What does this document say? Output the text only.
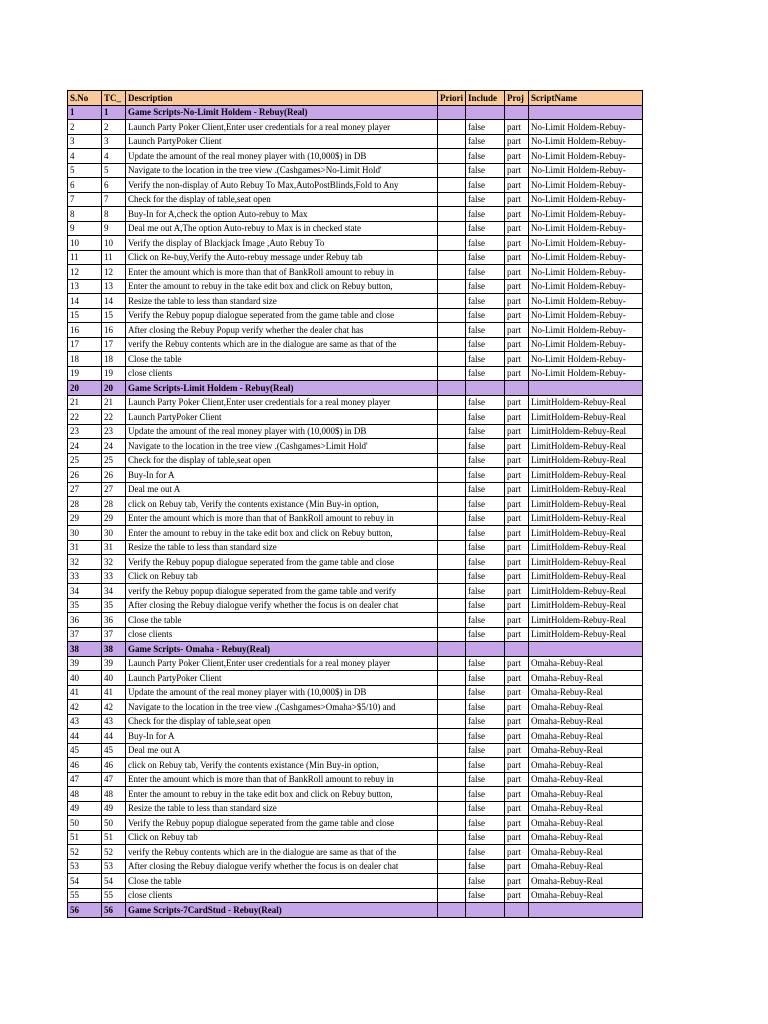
S.No	TC_	Description	Priori	Include	Proj	ScriptName
1	1	Game Scripts-No-Limit Holdem - Rebuy(Real)				
2	2	Launch Party Poker Client,Enter user credentials for a real money player		false	part	No-Limit Holdem-Rebuy-
3	3	Launch PartyPoker Client		false	part	No-Limit Holdem-Rebuy-
4	4	Update the amount of the real money player with (10,000$) in DB		false	part	No-Limit Holdem-Rebuy-
5	5	Navigate to the location in the tree view .(Cashgames>No-Limit Hold'		false	part	No-Limit Holdem-Rebuy-
6	6	Verify the non-display of Auto Rebuy To Max,AutoPostBlinds,Fold to Any		false	part	No-Limit Holdem-Rebuy-
7	7	Check for the display of table,seat open		false	part	No-Limit Holdem-Rebuy-
8	8	Buy-In for A,check the option Auto-rebuy to Max		false	part	No-Limit Holdem-Rebuy-
9	9	Deal me out A,The option Auto-rebuy to Max is in checked state		false	part	No-Limit Holdem-Rebuy-
10	10	Verify the display of Blackjack Image ,Auto Rebuy To		false	part	No-Limit Holdem-Rebuy-
11	11	Click on Re-buy,Verify the Auto-rebuy message under Rebuy tab		false	part	No-Limit Holdem-Rebuy-
12	12	Enter the amount which is more than that of BankRoll amount to rebuy in		false	part	No-Limit Holdem-Rebuy-
13	13	Enter the amount to rebuy in the take edit box and click on Rebuy button,		false	part	No-Limit Holdem-Rebuy-
14	14	Resize the table to less than standard size		false	part	No-Limit Holdem-Rebuy-
15	15	Verify the Rebuy popup dialogue seperated from the game table and close		false	part	No-Limit Holdem-Rebuy-
16	16	After closing the Rebuy Popup verify whether the dealer chat has		false	part	No-Limit Holdem-Rebuy-
17	17	verify the Rebuy contents which are in the dialogue are same as that of the		false	part	No-Limit Holdem-Rebuy-
18	18	Close the table		false	part	No-Limit Holdem-Rebuy-
19	19	close clients		false	part	No-Limit Holdem-Rebuy-
20	20	Game Scripts-Limit Holdem - Rebuy(Real)				
21	21	Launch Party Poker Client,Enter user credentials for a real money player		false	part	LimitHoldem-Rebuy-Real
22	22	Launch PartyPoker Client		false	part	LimitHoldem-Rebuy-Real
23	23	Update the amount of the real money player with (10,000$) in DB		false	part	LimitHoldem-Rebuy-Real
24	24	Navigate to the location in the tree view .(Cashgames>Limit Hold'		false	part	LimitHoldem-Rebuy-Real
25	25	Check for the display of table,seat open		false	part	LimitHoldem-Rebuy-Real
26	26	Buy-In for A		false	part	LimitHoldem-Rebuy-Real
27	27	Deal me out A		false	part	LimitHoldem-Rebuy-Real
28	28	click on Rebuy tab, Verify the contents existance (Min Buy-in option,		false	part	LimitHoldem-Rebuy-Real
29	29	Enter the amount which is more than that of BankRoll amount to rebuy in		false	part	LimitHoldem-Rebuy-Real
30	30	Enter the amount to rebuy in the take edit box and click on Rebuy button,		false	part	LimitHoldem-Rebuy-Real
31	31	Resize the table to less than standard size		false	part	LimitHoldem-Rebuy-Real
32	32	Verify the Rebuy popup dialogue seperated from the game table and close		false	part	LimitHoldem-Rebuy-Real
33	33	Click on Rebuy tab		false	part	LimitHoldem-Rebuy-Real
34	34	verify the Rebuy popup dialogue seperated from the game table and verify		false	part	LimitHoldem-Rebuy-Real
35	35	After closing the Rebuy dialogue verify whether the focus is on dealer chat		false	part	LimitHoldem-Rebuy-Real
36	36	Close the table		false	part	LimitHoldem-Rebuy-Real
37	37	close clients		false	part	LimitHoldem-Rebuy-Real
38	38	Game Scripts- Omaha - Rebuy(Real)				
39	39	Launch Party Poker Client,Enter user credentials for a real money player		false	part	Omaha-Rebuy-Real
40	40	Launch PartyPoker Client		false	part	Omaha-Rebuy-Real
41	41	Update the amount of the real money player with (10,000$) in DB		false	part	Omaha-Rebuy-Real
42	42	Navigate to the location in the tree view .(Cashgames>Omaha>$5/10) and		false	part	Omaha-Rebuy-Real
43	43	Check for the display of table,seat open		false	part	Omaha-Rebuy-Real
44	44	Buy-In for A		false	part	Omaha-Rebuy-Real
45	45	Deal me out A		false	part	Omaha-Rebuy-Real
46	46	click on Rebuy tab, Verify the contents existance (Min Buy-in option,		false	part	Omaha-Rebuy-Real
47	47	Enter the amount which is more than that of BankRoll amount to rebuy in		false	part	Omaha-Rebuy-Real
48	48	Enter the amount to rebuy in the take edit box and click on Rebuy button,		false	part	Omaha-Rebuy-Real
49	49	Resize the table to less than standard size		false	part	Omaha-Rebuy-Real
50	50	Verify the Rebuy popup dialogue seperated from the game table and close		false	part	Omaha-Rebuy-Real
51	51	Click on Rebuy tab		false	part	Omaha-Rebuy-Real
52	52	verify the Rebuy contents which are in the dialogue are same as that of the		false	part	Omaha-Rebuy-Real
53	53	After closing the Rebuy dialogue verify whether the focus is on dealer chat		false	part	Omaha-Rebuy-Real
54	54	Close the table		false	part	Omaha-Rebuy-Real
55	55	close clients		false	part	Omaha-Rebuy-Real
56	56	Game Scripts-7CardStud - Rebuy(Real)				
